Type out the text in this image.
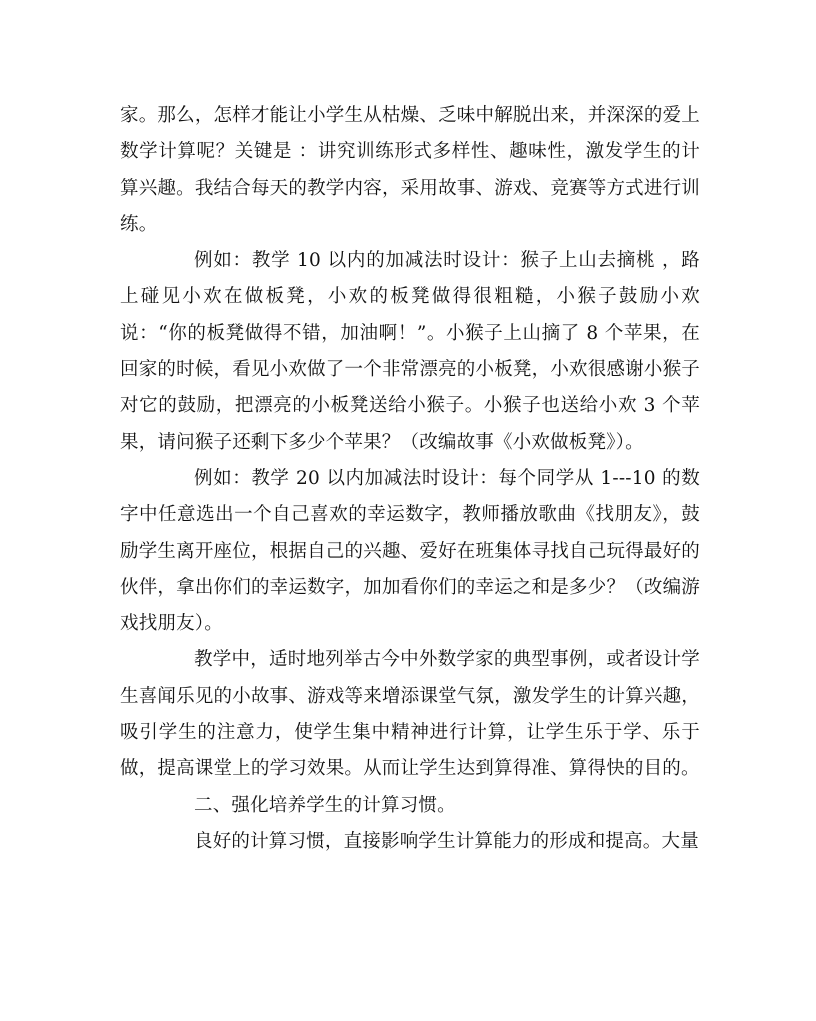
家。那么，怎样才能让小学生从枯燥、乏味中解脱出来，并深深的爱上数学计算呢？关键是 ：讲究训练形式多样性、趣味性，激发学生的计算兴趣。我结合每天的教学内容，采用故事、游戏、竞赛等方式进行训练。

例如：教学 10 以内的加减法时设计：猴子上山去摘桃 ，路上碰见小欢在做板凳，小欢的板凳做得很粗糙，小猴子鼓励小欢说：“你的板凳做得不错，加油啊！”。小猴子上山摘了 8 个苹果，在回家的时候，看见小欢做了一个非常漂亮的小板凳，小欢很感谢小猴子对它的鼓励，把漂亮的小板凳送给小猴子。小猴子也送给小欢 3 个苹果，请问猴子还剩下多少个苹果？（改编故事《小欢做板凳》）。

例如：教学 20 以内加减法时设计：每个同学从 1---10 的数字中任意选出一个自己喜欢的幸运数字，教师播放歌曲《找朋友》，鼓励学生离开座位，根据自己的兴趣、爱好在班集体寻找自己玩得最好的伙伴，拿出你们的幸运数字，加加看你们的幸运之和是多少？（改编游戏找朋友）。

教学中，适时地列举古今中外数学家的典型事例，或者设计学生喜闻乐见的小故事、游戏等来增添课堂气氛，激发学生的计算兴趣，吸引学生的注意力，使学生集中精神进行计算，让学生乐于学、乐于做，提高课堂上的学习效果。从而让学生达到算得准、算得快的目的。

二、强化培养学生的计算习惯。

良好的计算习惯，直接影响学生计算能力的形成和提高。大量
